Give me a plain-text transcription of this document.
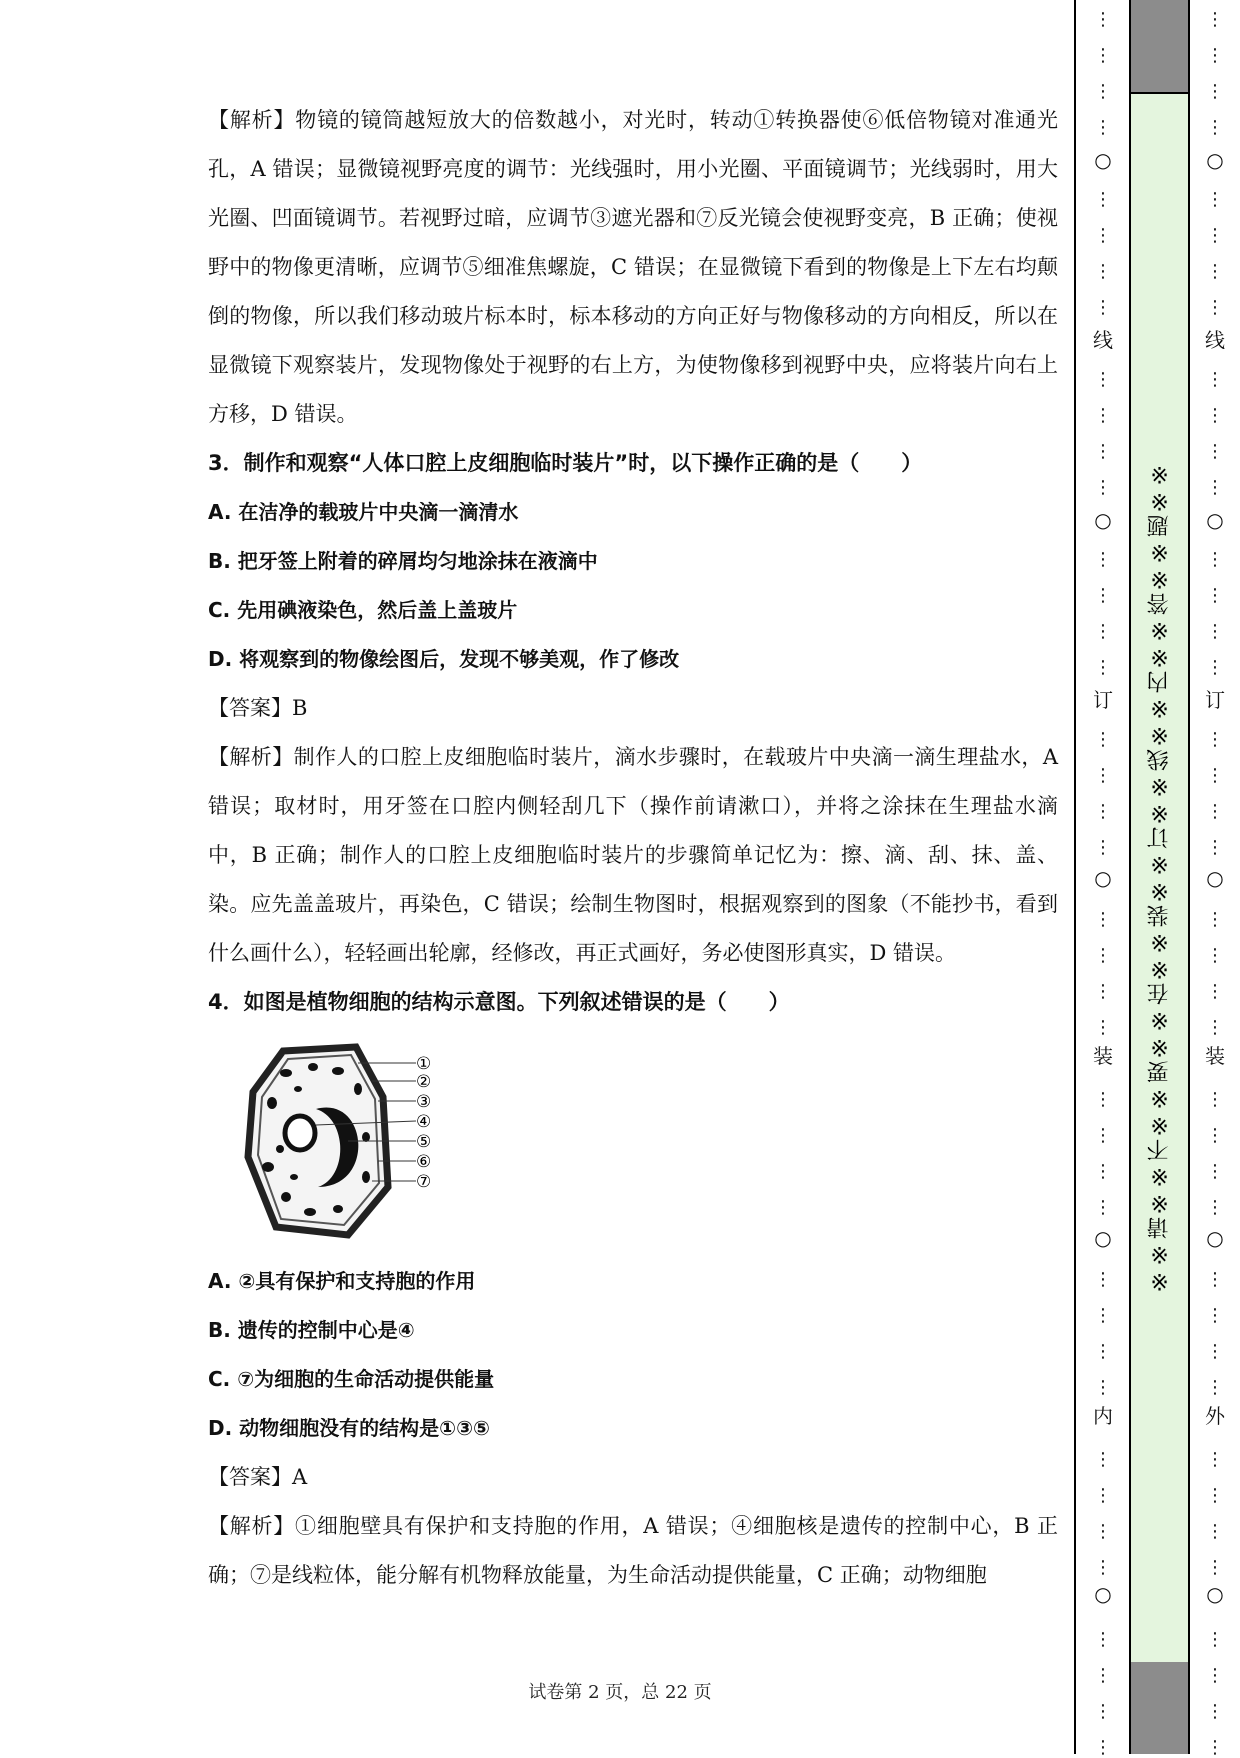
【解析】物镜的镜筒越短放大的倍数越小，对光时，转动①转换器使⑥低倍物镜对准通光孔，A 错误；显微镜视野亮度的调节：光线强时，用小光圈、平面镜调节；光线弱时，用大光圈、凹面镜调节。若视野过暗，应调节③遮光器和⑦反光镜会使视野变亮，B 正确；使视野中的物像更清晰，应调节⑤细准焦螺旋，C 错误；在显微镜下看到的物像是上下左右均颠倒的物像，所以我们移动玻片标本时，标本移动的方向正好与物像移动的方向相反，所以在显微镜下观察装片，发现物像处于视野的右上方，为使物像移到视野中央，应将装片向右上方移，D 错误。

3．制作和观察“人体口腔上皮细胞临时装片”时，以下操作正确的是（　　）

A. 在洁净的载玻片中央滴一滴清水

B. 把牙签上附着的碎屑均匀地涂抹在液滴中

C. 先用碘液染色，然后盖上盖玻片

D. 将观察到的物像绘图后，发现不够美观，作了修改

【答案】B

【解析】制作人的口腔上皮细胞临时装片，滴水步骤时，在载玻片中央滴一滴生理盐水，A 错误；取材时，用牙签在口腔内侧轻刮几下（操作前请漱口），并将之涂抹在生理盐水滴中，B 正确；制作人的口腔上皮细胞临时装片的步骤简单记忆为：擦、滴、刮、抹、盖、染。应先盖盖玻片，再染色，C 错误；绘制生物图时，根据观察到的图象（不能抄书，看到什么画什么），轻轻画出轮廓，经修改，再正式画好，务必使图形真实，D 错误。

4．如图是植物细胞的结构示意图。下列叙述错误的是（　　）

①
②
③
④
⑤
⑥
⑦

A. ②具有保护和支持胞的作用

B. 遗传的控制中心是④

C. ⑦为细胞的生命活动提供能量

D. 动物细胞没有的结构是①③⑤

【答案】A

【解析】①细胞壁具有保护和支持胞的作用，A 错误；④细胞核是遗传的控制中心，B 正确；⑦是线粒体，能分解有机物释放能量，为生命活动提供能量，C 正确；动物细胞

试卷第 2 页，总 22 页
※※请※※不※※要※※在※※装※※订※※线※※内※※答※※题※※
⋮
⋮
⋮
⋮
⋮
⋮
⋮
⋮
⋮
⋮
⋮
⋮
⋮
⋮
⋮
⋮
⋮
⋮
⋮
⋮
⋮
⋮
⋮
⋮
⋮
⋮
⋮
⋮
⋮
⋮
⋮
⋮
⋮
⋮
⋮
⋮
⋮
⋮
⋮
⋮
○
○
○
○
○
线
订
装
内
⋮
⋮
⋮
⋮
⋮
⋮
⋮
⋮
⋮
⋮
⋮
⋮
⋮
⋮
⋮
⋮
⋮
⋮
⋮
⋮
⋮
⋮
⋮
⋮
⋮
⋮
⋮
⋮
⋮
⋮
⋮
⋮
⋮
⋮
⋮
⋮
⋮
⋮
⋮
⋮
○
○
○
○
○
线
订
装
外
